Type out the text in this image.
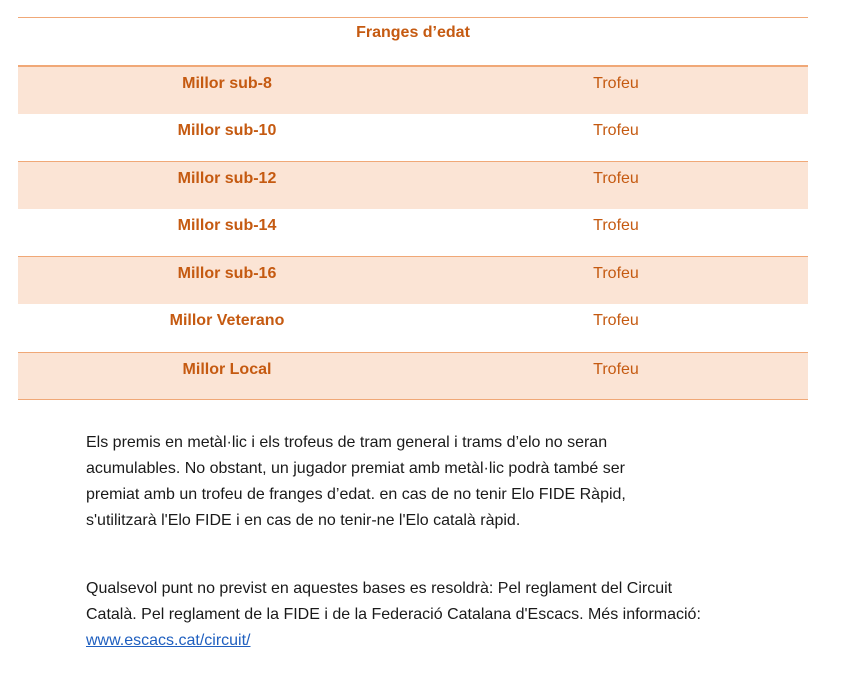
Franges d’edat
Millor sub-8	Trofeu
Millor sub-10	Trofeu
Millor sub-12	Trofeu
Millor sub-14	Trofeu
Millor sub-16	Trofeu
Millor Veterano	Trofeu
Millor Local	Trofeu
Els premis en metàl·lic i els trofeus de tram general i trams d’elo no seran
acumulables. No obstant, un jugador premiat amb metàl·lic podrà també ser
premiat amb un trofeu de franges d’edat. en cas de no tenir Elo FIDE Ràpid,
s'utilitzarà l'Elo FIDE i en cas de no tenir-ne l'Elo català ràpid.
Qualsevol punt no previst en aquestes bases es resoldrà: Pel reglament del Circuit
Català. Pel reglament de la FIDE i de la Federació Catalana d'Escacs. Més informació:
www.escacs.cat/circuit/
